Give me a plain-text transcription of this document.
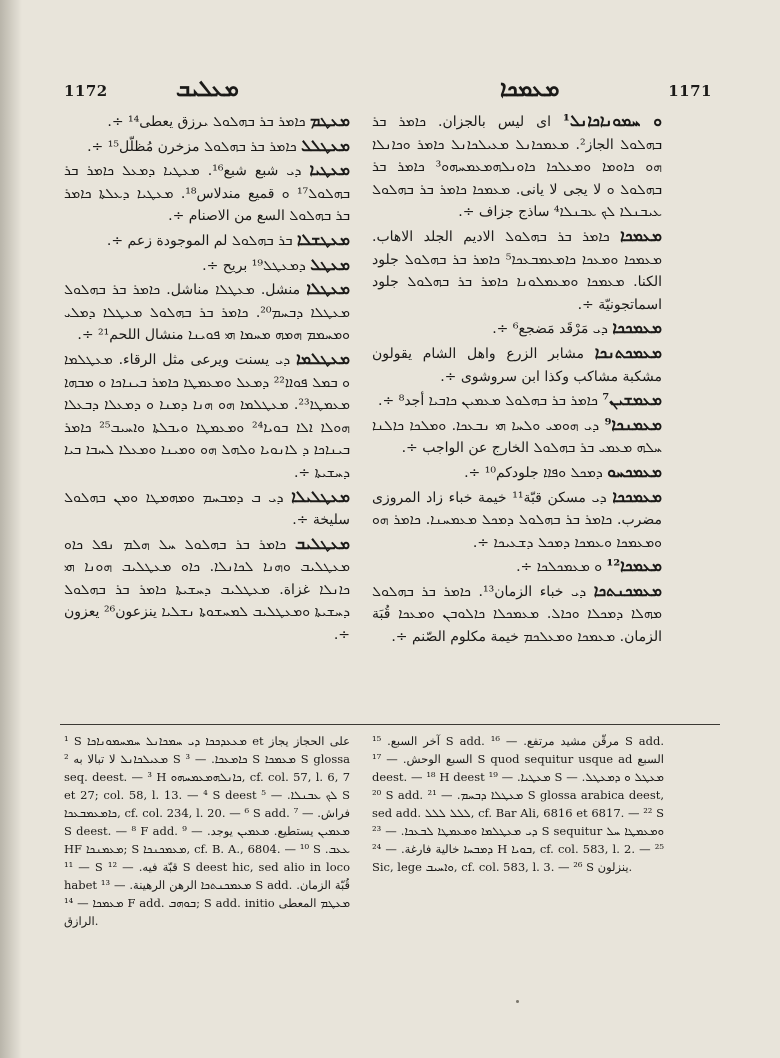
1172	ܡܥܠܝܒ	ܡܥܡܟܐ	1171

ܡܥܛܡ ܟܐܡܪ ܒܪ ܒܗܠܘܠ ܝرزق يعطى¹⁴ ÷.

ܡܥܛܠܠ ܟܐܡܪ ܒܪ ܒܗܠܘܠ مزخرن مُظلّل¹⁵ ÷.

ܡܥܛܝܐ ܕܝ شبع شبع¹⁶. ܡܥܛܝܐ ܕܡܥܠ ܟܐܡܪ ܒܪ ܒܗܠܘܠ¹⁷ ܘ قميع مندلاس¹⁸. ܡܥܛܝܐ ܕܥܠܬܐ ܟܐܡܪ ܒܪ ܒܗܠܘܠ السع من الاصنام ÷.

ܡܥܛܫܠܐ ܒܪ ܒܗܠܘܠ لم الموجودة زعم ÷.

ܡܥܛܠ ܕܡܥܛܠ¹⁹ بريح ÷.

ܡܥܛܠܐ منشل. ܡܥܛܠܐ مناشل. ܟܐܡܪ ܒܪ ܒܗܠܘܠ ܡܥܛܠܐ ܕܒܚܡ²⁰. ܟܐܡܪ ܒܪ ܒܗܠܘܠ ܡܥܛܠܐ ܕܡܠܝ ܘܡܚܡܡ ܗܡܗ ܡܚܡܐ ܗܝ ܦܘܝܢܐ منشال اللحم²¹ ÷.

ܡܥܛܠܡܐ ܕܝ يسنت ويرعى مثل الرقاء. ܡܥܛܠܡܐ ܘ ܒܡܠ ܦܘܐܐ²² ܕܡܥܠ ܘܡܥܡܛܐ ܟܐܡܪ ܒܝܢܐܟܐ ܘ ܡܒܗܐ ܡܥܡܛܐ²³. ܡܥܛܠܡܐ ܗܘ ܗܢܐ ܕܡܢܐ ܘ ܕܡܥܠܐ ܕܒܥܠܐ ܗܘܠܐ ܐܠܐ ܒܘܝܐ²⁴ ܘܡܥܡܛܐ ܘܝܒܠܬܐ ܘܐܚܝܒ²⁵ ܟܐܡܪ ܒܝܢܐܟܐ ܕ ܠܐܢܘܝܐ ܘܠܗܠ ܗܘ ܘܡܝܢܐ ܘܡܥܠܐ ܠܚܒܐ ܒܝܐ ܕܚܫܝܬܐ ÷.

ܡܥܛܠܝܠܐ ܕܝ ܒ ܕܡܒܚܡ ܘܡܗܡܛܐ ܘܡܢ ܒܗܠܘܠ سليخة ÷.

ܡܥܛܠܝܒ ܟܐܡܪ ܒܪ ܒܗܠܘܠ ܚܠ ܗܠܡ ܢܦܠ ܟܐܘ ܡܥܛܠܝܒ ܘܗܢܐ ܠܟܐܢܠܐ. ܟܐܘ ܡܥܛܠܝܒ ܗܘܢܐ ܗܝ ܟܐܢܠܐ غزاة. ܡܥܛܠܝܒ ܕܚܫܝܬܐ ܟܐܡܪ ܒܪ ܒܗܠܘܠ ܕܚܫܝܬܐ ܘܡܥܛܠܝܒ ܠܡܚܫܘܬܐ ܢܫܠܝܐ ينزعون²⁶ يعزون ÷.

ܘ ܚܡܘܢܐܟܐܢܠ¹ اى ليس بالجزان. ܟܐܡܪ ܒܪ ܒܗܠܘܠ الجاز². ܡܥܡܟܐܢܠ ܡܥܝܠܟܐܢܠ ܟܐܡܪ ܘܟܐܢܠܐ ܗܘ ܟܐܘܡܐ ܘܡܥܠܟܐ ܟܐܘܢܠܗܡܥܡܚܗܘ³ ܟܐܡܪ ܒܪ ܒܗܠܘܠ ܘ لا يجى لا يانى. ܡܥܡܟܐ ܟܐܡܪ ܒܪ ܒܗܠܘܠ ܥܝܒܢܠܐ ܠܟ ܥܒܢܠܐ⁴ ساذج جزاف ÷.

ܡܥܡܟܐ ܟܐܡܪ ܒܪ ܒܗܠܘܠ الاديم الجلد الاهاب. ܡܥܡܟܐ ܘܡܥܟܐ ܟܐܡܥܡܒܥܟܐ⁵ ܟܐܡܪ ܒܪ ܒܗܠܘܠ جلود الكنا. ܡܥܡܟܐ ܘܡܥܡܠܘܢܐ ܟܐܡܪ ܒܪ ܒܗܠܘܠ جلود اسماتجونيّة ÷.

ܡܥܡܟܟܐ ܕܝ مَرْقَد مَضجع⁶ ÷.

ܡܥܡܟܬܢܟܐ مشابر الزرع واهل الشام يقولون مشكبة مشاكب وكذا ابن سروشوى ÷.

ܡܥܡܫܝܢ⁷ ܟܐܡܪ ܒܪ ܒܗܠܘܠ ܡܥܡܝܢ ܟܐܒܝܐ أجد⁸ ÷.

ܡܥܡܢܟܐ⁹ ܕܝ ܗܘܡܝ ܘܠܚܐ ܗܝ ܢܒܥܟܐ. ܘܡܠܟܐ ܟܐܠܢܐ ܚܠܗ ܡܥܡܝ ܒܪ ܒܗܠܘܠ الخارج عن الواجب ÷.

ܡܥܡܟܚܘ ܕܡܟܠ ܘܦܐܐ جلودكم¹⁰ ÷.

ܡܥܡܟܟܐ ܕܝ مسكن قبّة¹¹ خيمة خباء زاد المروزى مضرب. ܟܐܡܪ ܒܪ ܒܗܠܘܠ ܕܡܟܠ ܡܥܡܚܢܐ. ܟܐܡܪ ܗܘ ܘܡܥܡܟܐ ܘܥܡܟܐ ܕܡܟܠ ܕܫܥܝܟܐ ÷.

ܡܥܡܟܐ¹² ܘ ܡܥܡܟܠܟܐ ÷.

ܡܥܡܟܢܬܟܐ ܕܝ خباء الزمان¹³. ܟܐܡܪ ܒܪ ܒܗܠܘܠ ܡܗܠܐ ܕܡܟܠܐ ܘܟܐܠ. ܡܥܡܟܠܐ ܟܐܠܘܒܢ ܘܡܥܟܐ قُبَة الزمان. ܡܥܡܟܐ ܘܡܥܠܟܡ خيمة مكلوم الصّنم ÷.

¹ S ܡܥܥܕܟܟܐ ܕܝ ܚܡܟܐܢܠ ܚܡܚܡܘܢܐܟܐ et على الحجاز يجاز ܡܥܝܠܟܐܢܠ لا تبالا به ² S ܟܐܡܥܟܐ. — ³ S ܡܥܡܟܐ S glossa seq. deest. — ³ H ܟܐܢܠܗܡܥܡܚܗܘ, cf. col. 57, l. 6, 7 et 27; col. 58, l. 13. — ⁴ S deest ܠܟ ܥܒܢܠܐ. — ⁵ S ܟܐܡܥܡܒܥܟܐ, cf. col. 234, l. 20. — ⁶ S add. فراش. — ⁷ S deest. — ⁸ F add. ܡܥܡܝܢ يستطيع. ܡܥܡܝܢ يوجد. — ⁹ HF ܡܥܡܢܟܐ; S ܡܥܡܟܢܟܐ, cf. B. A., 6804. — ¹⁰ S ܥܥܒ. — ¹¹ S قبّة فيه. — ¹² S deest hic, sed alio in loco habet ܡܥܡܟܢܬܟܐ الرهن الرهينة. — ¹³ S add. قُبّة الزمان. ܡܥܡܟܐ — ¹⁴ F add. ܒܘܗܒ; S add. initio ܡܥܛܡ المعطى الرازق.

آخر السبع. ¹⁵ S add. مرقّن مشيد مرتفع. — ¹⁶ S add. السبع الوحش. — ¹⁷ S quod sequitur usque ad السبع deest. — ¹⁸ H deest ܡܥܛܝܐ. — ¹⁹ S ܡܥܛܠ ܘ ܕܡܥܛܠ. — ²⁰ S add. ܡܥܛܠܐ ܕܒܚܡ. — ²¹ S glossa arabica deest, sed add. ܠܠܠ ܠܠܠ, cf. Bar Ali, 6816 et 6817. — ²² S ܕܝ ܡܥܛܠܡܐ ܘܡܥܡܛܐ ܠܒܥܟܐ. — ²³ S sequitur ܘܡܥܡܛܐ ܚܠ ܕܡܒܚܐ خالية فارغة. — ²⁴ H ܒܘܝܐ, cf. col. 583, l. 2. — ²⁵ Sic, lege ܘܐܚܝܒ, cf. col. 583, l. 3. — ²⁶ S ينزلون.
